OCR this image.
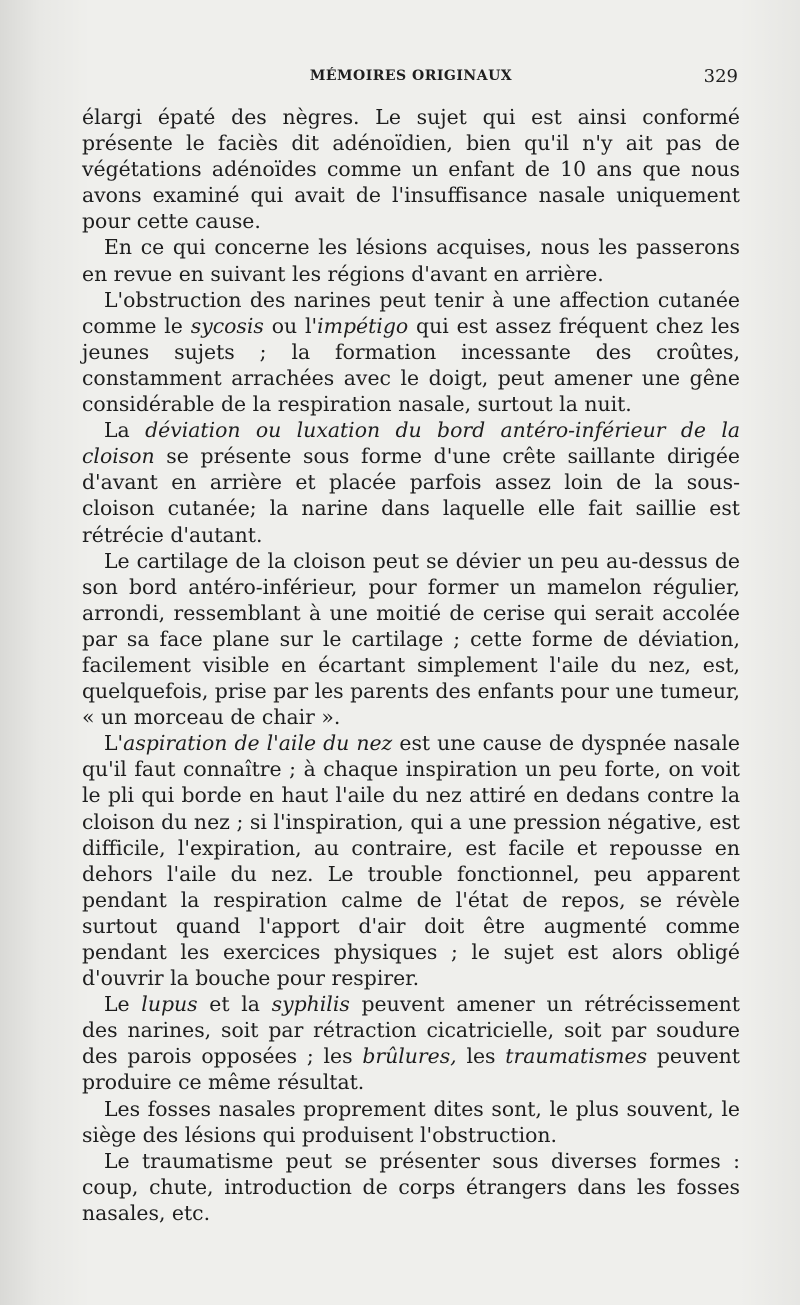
MÉMOIRES ORIGINAUX	329

élargi épaté des nègres. Le sujet qui est ainsi conformé présente le faciès dit adénoïdien, bien qu'il n'y ait pas de végétations adénoïdes comme un enfant de 10 ans que nous avons examiné qui avait de l'insuffisance nasale uniquement pour cette cause.

En ce qui concerne les lésions acquises, nous les passerons en revue en suivant les régions d'avant en arrière.

L'obstruction des narines peut tenir à une affection cutanée comme le sycosis ou l'impétigo qui est assez fréquent chez les jeunes sujets ; la formation incessante des croûtes, constamment arrachées avec le doigt, peut amener une gêne considérable de la respiration nasale, surtout la nuit.

La déviation ou luxation du bord antéro-inférieur de la cloison se présente sous forme d'une crête saillante dirigée d'avant en arrière et placée parfois assez loin de la sous-cloison cutanée; la narine dans laquelle elle fait saillie est rétrécie d'autant.

Le cartilage de la cloison peut se dévier un peu au-dessus de son bord antéro-inférieur, pour former un mamelon régulier, arrondi, ressemblant à une moitié de cerise qui serait accolée par sa face plane sur le cartilage ; cette forme de déviation, facilement visible en écartant simplement l'aile du nez, est, quelquefois, prise par les parents des enfants pour une tumeur, « un morceau de chair ».

L'aspiration de l'aile du nez est une cause de dyspnée nasale qu'il faut connaître ; à chaque inspiration un peu forte, on voit le pli qui borde en haut l'aile du nez attiré en dedans contre la cloison du nez ; si l'inspiration, qui a une pression négative, est difficile, l'expiration, au contraire, est facile et repousse en dehors l'aile du nez. Le trouble fonctionnel, peu apparent pendant la respiration calme de l'état de repos, se révèle surtout quand l'apport d'air doit être augmenté comme pendant les exercices physiques ; le sujet est alors obligé d'ouvrir la bouche pour respirer.

Le lupus et la syphilis peuvent amener un rétrécissement des narines, soit par rétraction cicatricielle, soit par soudure des parois opposées ; les brûlures, les traumatismes peuvent produire ce même résultat.

Les fosses nasales proprement dites sont, le plus souvent, le siège des lésions qui produisent l'obstruction.

Le traumatisme peut se présenter sous diverses formes : coup, chute, introduction de corps étrangers dans les fosses nasales, etc.
